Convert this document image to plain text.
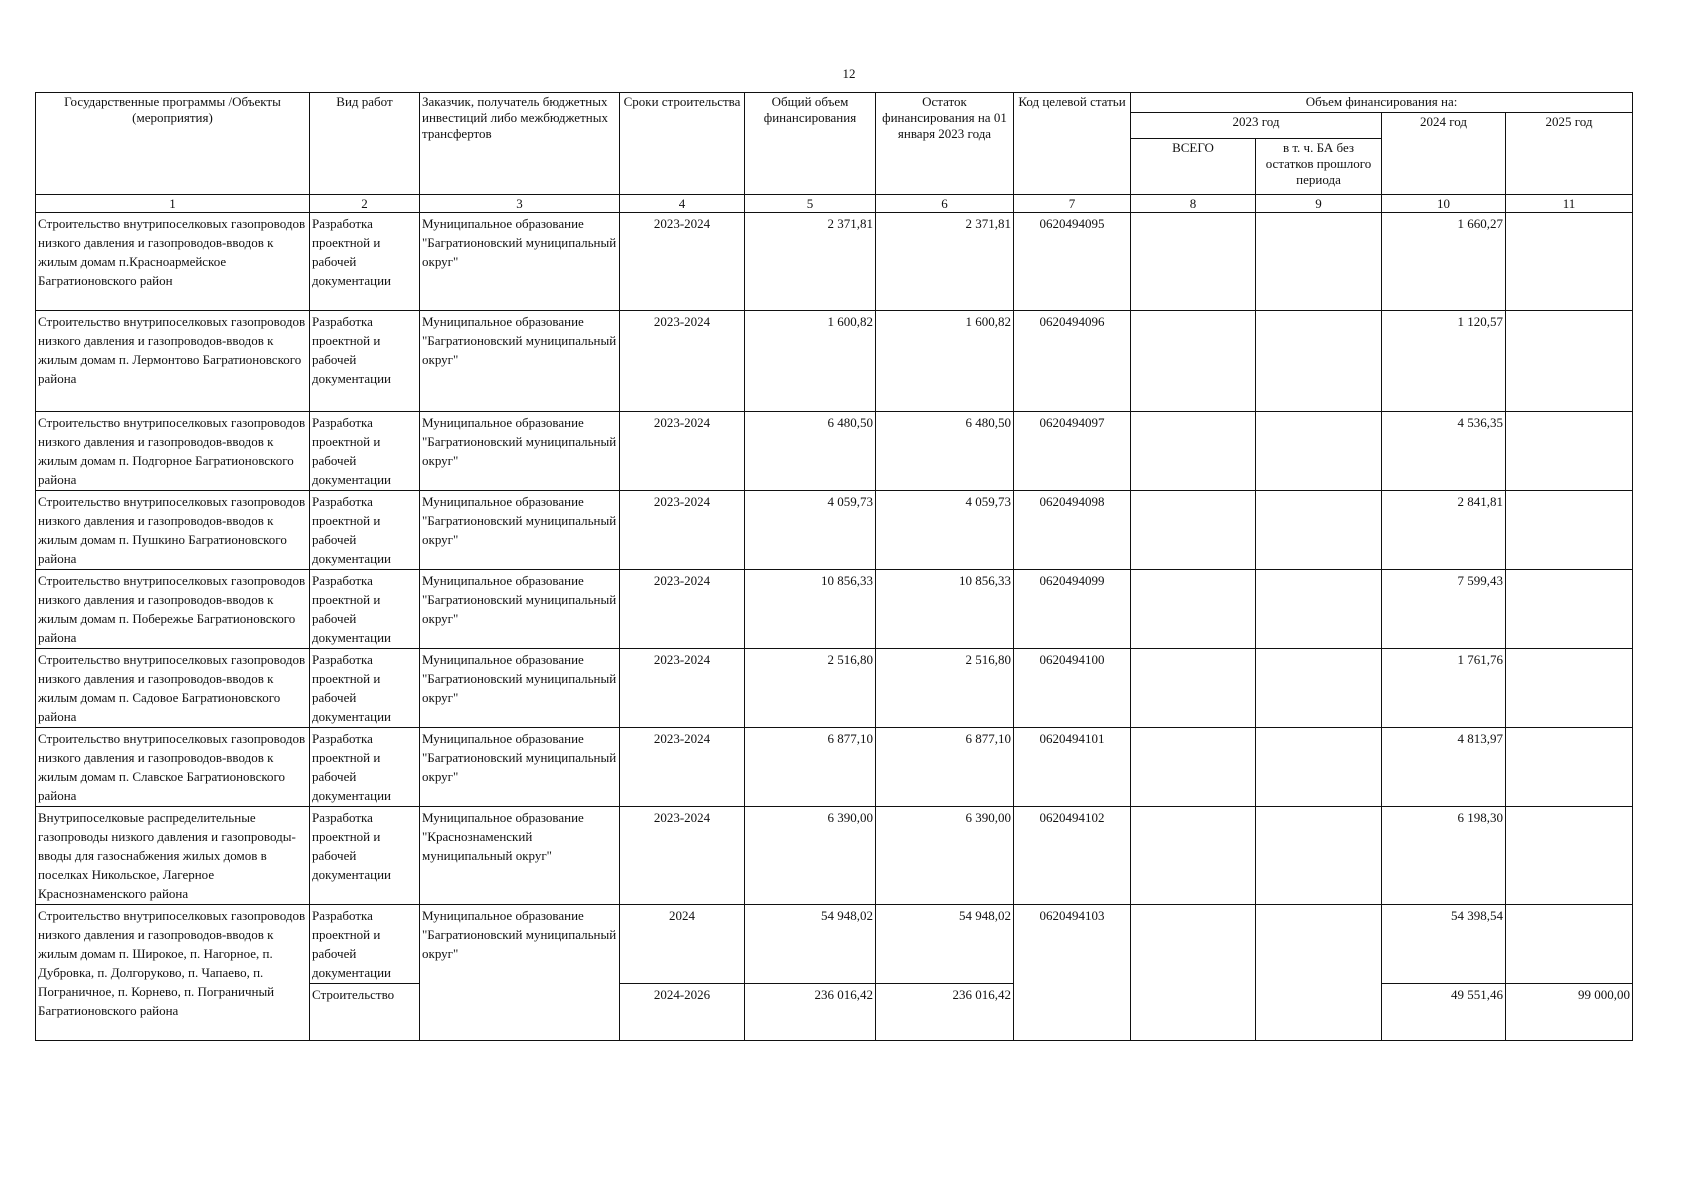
12
Государственные программы /Объекты (мероприятия)	Вид работ	Заказчик, получатель бюджетных инвестиций либо межбюджетных трансфертов	Сроки строительства	Общий объем финансирования	Остаток финансирования на 01 января 2023 года	Код целевой статьи	Объем финансирования на:			
							2023 год		2024 год	2025 год
							ВСЕГО	в т. ч. БА без остатков прошлого периода		
1	2	3	4	5	6	7	8	9	10	11
Строительство внутрипоселковых газопроводов низкого давления и газопроводов-вводов к жилым домам п.Красноармейское Багратионовского район	Разработка проектной и рабочей документации	Муниципальное образование "Багратионовский муниципальный округ"	2023-2024	2 371,81	2 371,81	0620494095			1 660,27	
Строительство внутрипоселковых газопроводов низкого давления и газопроводов-вводов к жилым домам п. Лермонтово Багратионовского района	Разработка проектной и рабочей документации	Муниципальное образование "Багратионовский муниципальный округ"	2023-2024	1 600,82	1 600,82	0620494096			1 120,57	
Строительство внутрипоселковых газопроводов низкого давления и газопроводов-вводов к жилым домам п. Подгорное Багратионовского района	Разработка проектной и рабочей документации	Муниципальное образование "Багратионовский муниципальный округ"	2023-2024	6 480,50	6 480,50	0620494097			4 536,35	
Строительство внутрипоселковых газопроводов низкого давления и газопроводов-вводов к жилым домам п. Пушкино Багратионовского района	Разработка проектной и рабочей документации	Муниципальное образование "Багратионовский муниципальный округ"	2023-2024	4 059,73	4 059,73	0620494098			2 841,81	
Строительство внутрипоселковых газопроводов низкого давления и газопроводов-вводов к жилым домам п. Побережье Багратионовского района	Разработка проектной и рабочей документации	Муниципальное образование "Багратионовский муниципальный округ"	2023-2024	10 856,33	10 856,33	0620494099			7 599,43	
Строительство внутрипоселковых газопроводов низкого давления и газопроводов-вводов к жилым домам п. Садовое Багратионовского района	Разработка проектной и рабочей документации	Муниципальное образование "Багратионовский муниципальный округ"	2023-2024	2 516,80	2 516,80	0620494100			1 761,76	
Строительство внутрипоселковых газопроводов низкого давления и газопроводов-вводов к жилым домам п. Славское Багратионовского района	Разработка проектной и рабочей документации	Муниципальное образование "Багратионовский муниципальный округ"	2023-2024	6 877,10	6 877,10	0620494101			4 813,97	
Внутрипоселковые распределительные газопроводы низкого давления и газопроводы-вводы для газоснабжения жилых домов в поселках Никольское, Лагерное Краснознаменского района	Разработка проектной и рабочей документации	Муниципальное образование "Краснознаменский муниципальный округ"	2023-2024	6 390,00	6 390,00	0620494102			6 198,30	
Строительство внутрипоселковых газопроводов низкого давления и газопроводов-вводов к жилым домам п. Широкое, п. Нагорное, п. Дубровка, п. Долгоруково, п. Чапаево, п. Пограничное, п. Корнево, п. Пограничный Багратионовского района	Разработка проектной и рабочей документации	Муниципальное образование "Багратионовский муниципальный округ"	2024	54 948,02	54 948,02	0620494103			54 398,54	
	Строительство		2024-2026	236 016,42	236 016,42				49 551,46	99 000,00
